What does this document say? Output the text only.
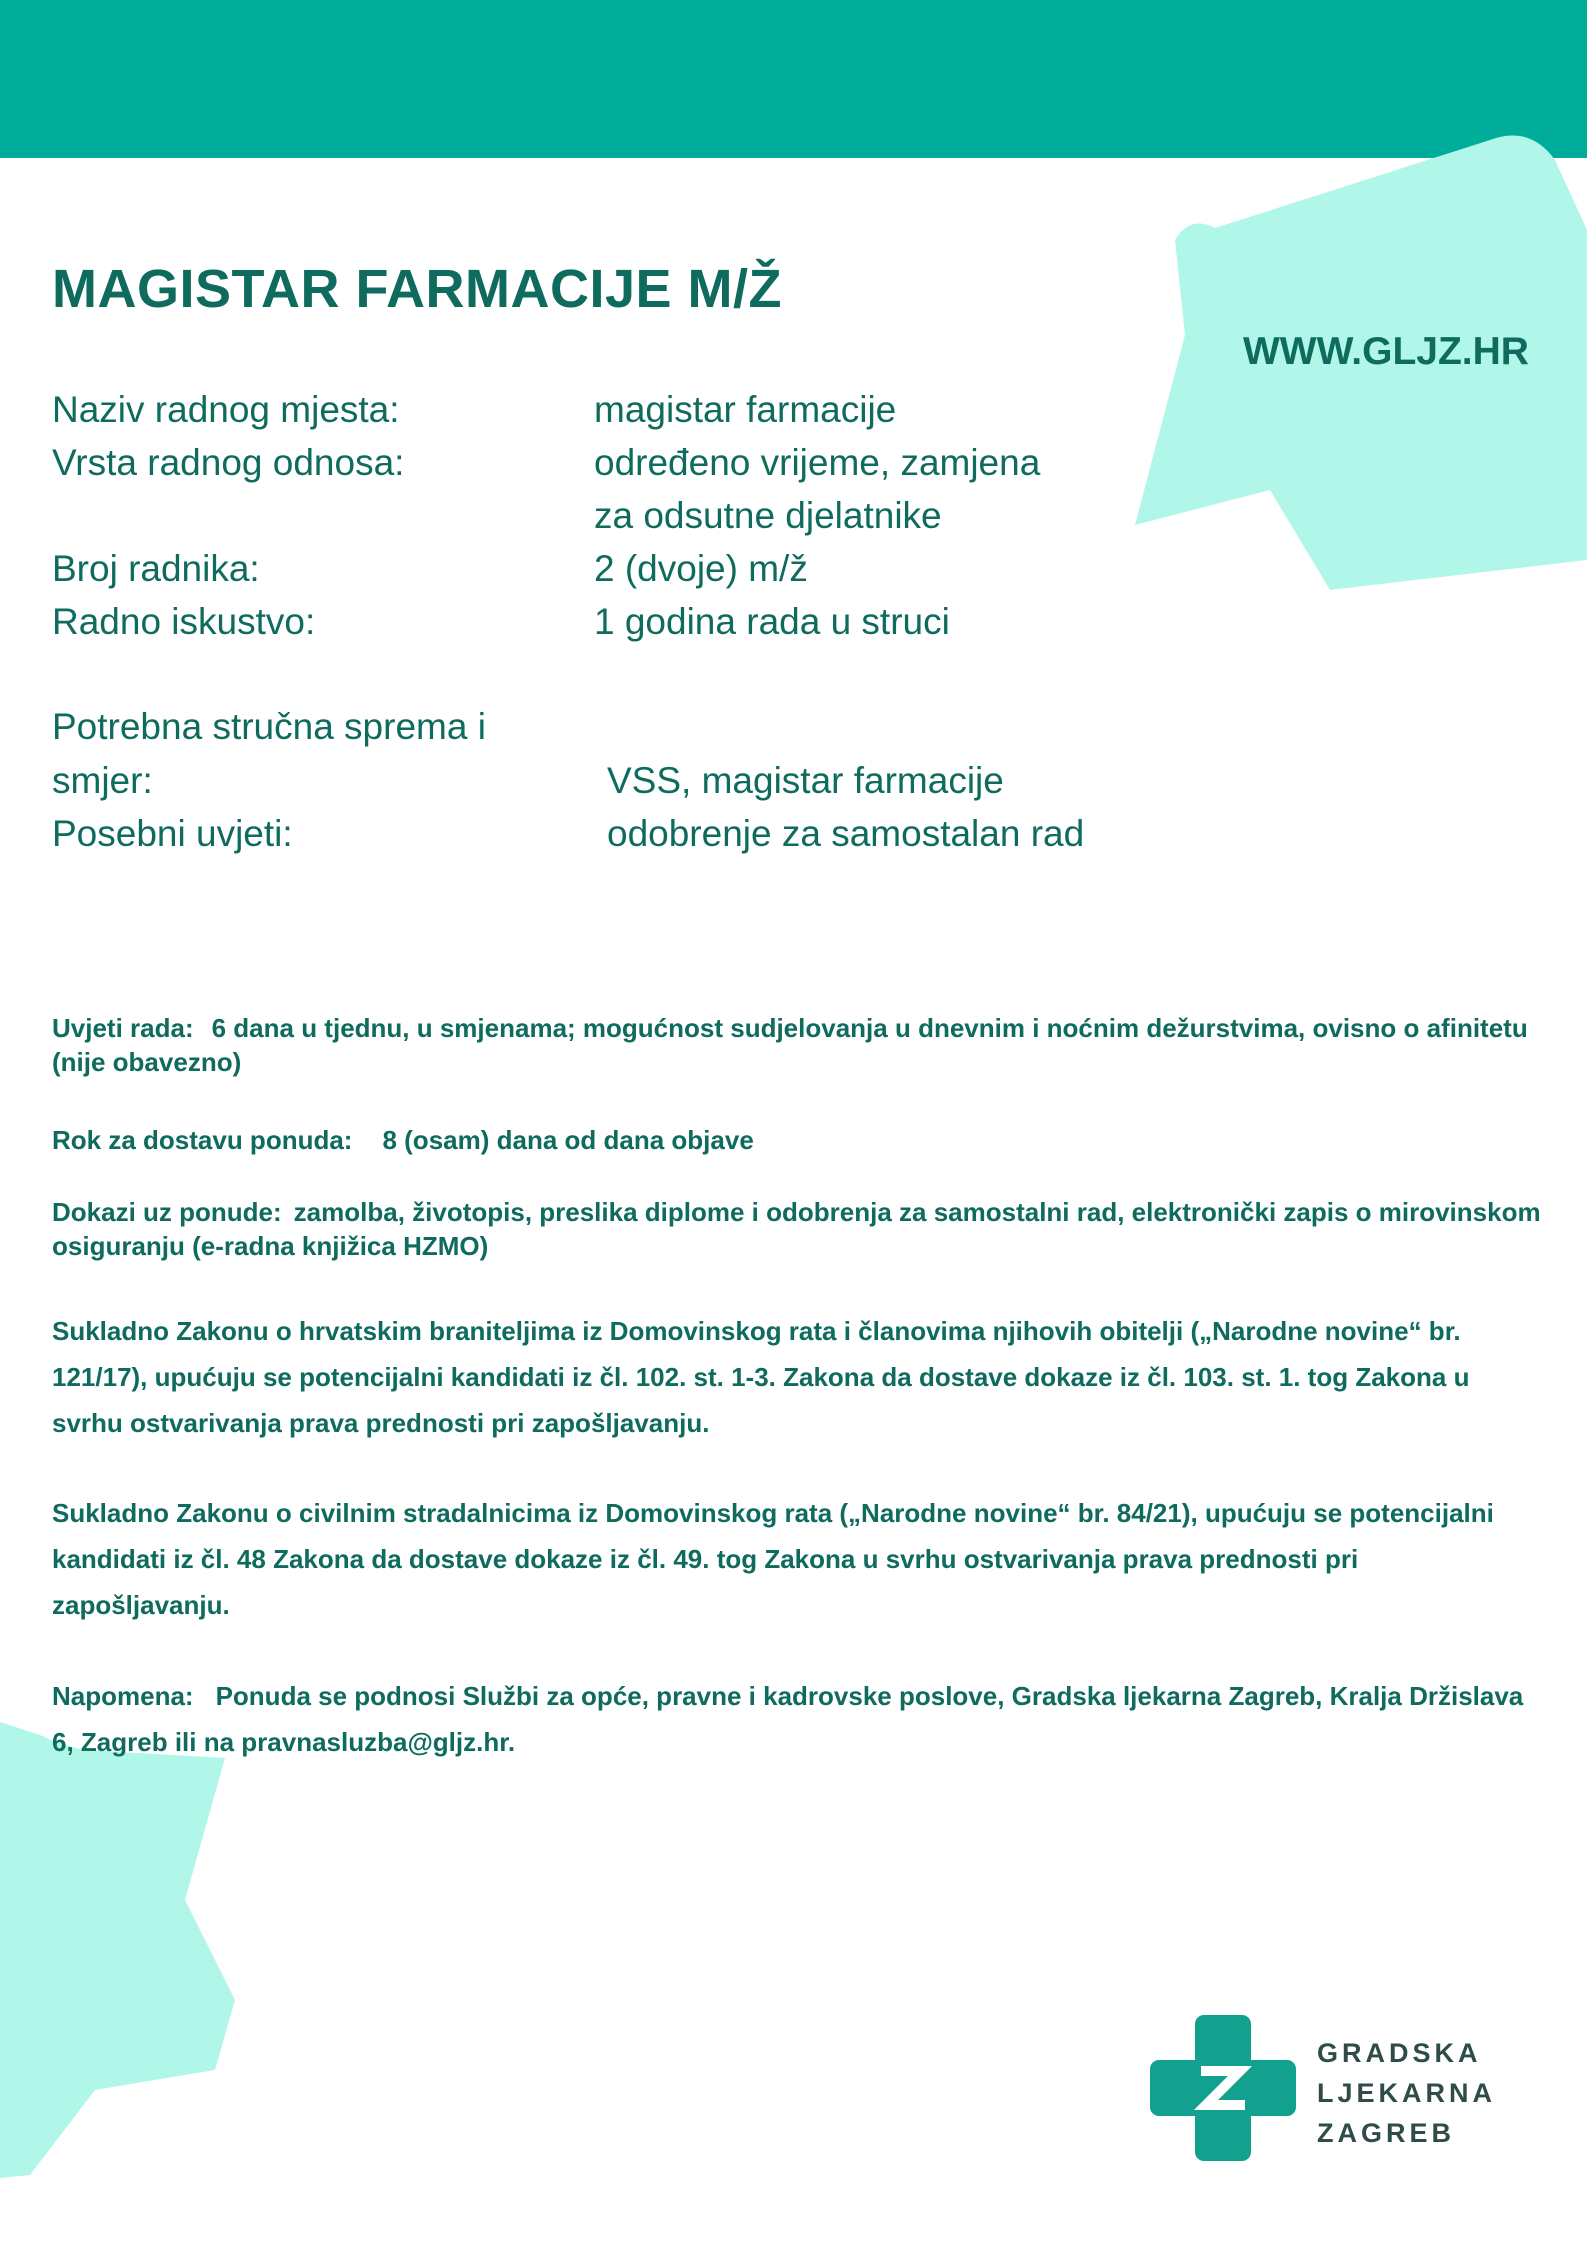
MAGISTAR FARMACIJE M/Ž
WWW.GLJZ.HR
Naziv radnog mjesta:	magistar farmacije
Vrsta radnog odnosa:	određeno vrijeme, zamjena
za odsutne djelatnike
Broj radnika:	2 (dvoje) m/ž
Radno iskustvo:	1 godina rada u struci
Potrebna stručna sprema i
smjer:	VSS, magistar farmacije
Posebni uvjeti:	odobrenje za samostalan rad

Uvjeti rada: 6 dana u tjednu, u smjenama; mogućnost sudjelovanja u dnevnim i noćnim dežurstvima, ovisno o afinitetu (nije obavezno)

Rok za dostavu ponuda: 8 (osam) dana od dana objave

Dokazi uz ponude: zamolba, životopis, preslika diplome i odobrenja za samostalni rad, elektronički zapis o mirovinskom osiguranju (e-radna knjižica HZMO)

Sukladno Zakonu o hrvatskim braniteljima iz Domovinskog rata i članovima njihovih obitelji („Narodne novine“ br. 121/17), upućuju se potencijalni kandidati iz čl. 102. st. 1-3. Zakona da dostave dokaze iz čl. 103. st. 1. tog Zakona u svrhu ostvarivanja prava prednosti pri zapošljavanju.

Sukladno Zakonu o civilnim stradalnicima iz Domovinskog rata („Narodne novine“ br. 84/21), upućuju se potencijalni kandidati iz čl. 48 Zakona da dostave dokaze iz čl. 49. tog Zakona u svrhu ostvarivanja prava prednosti pri zapošljavanju.

Napomena: Ponuda se podnosi Službi za opće, pravne i kadrovske poslove, Gradska ljekarna Zagreb, Kralja Držislava 6, Zagreb ili na pravnasluzba@gljz.hr.

GRADSKA
LJEKARNA
ZAGREB
